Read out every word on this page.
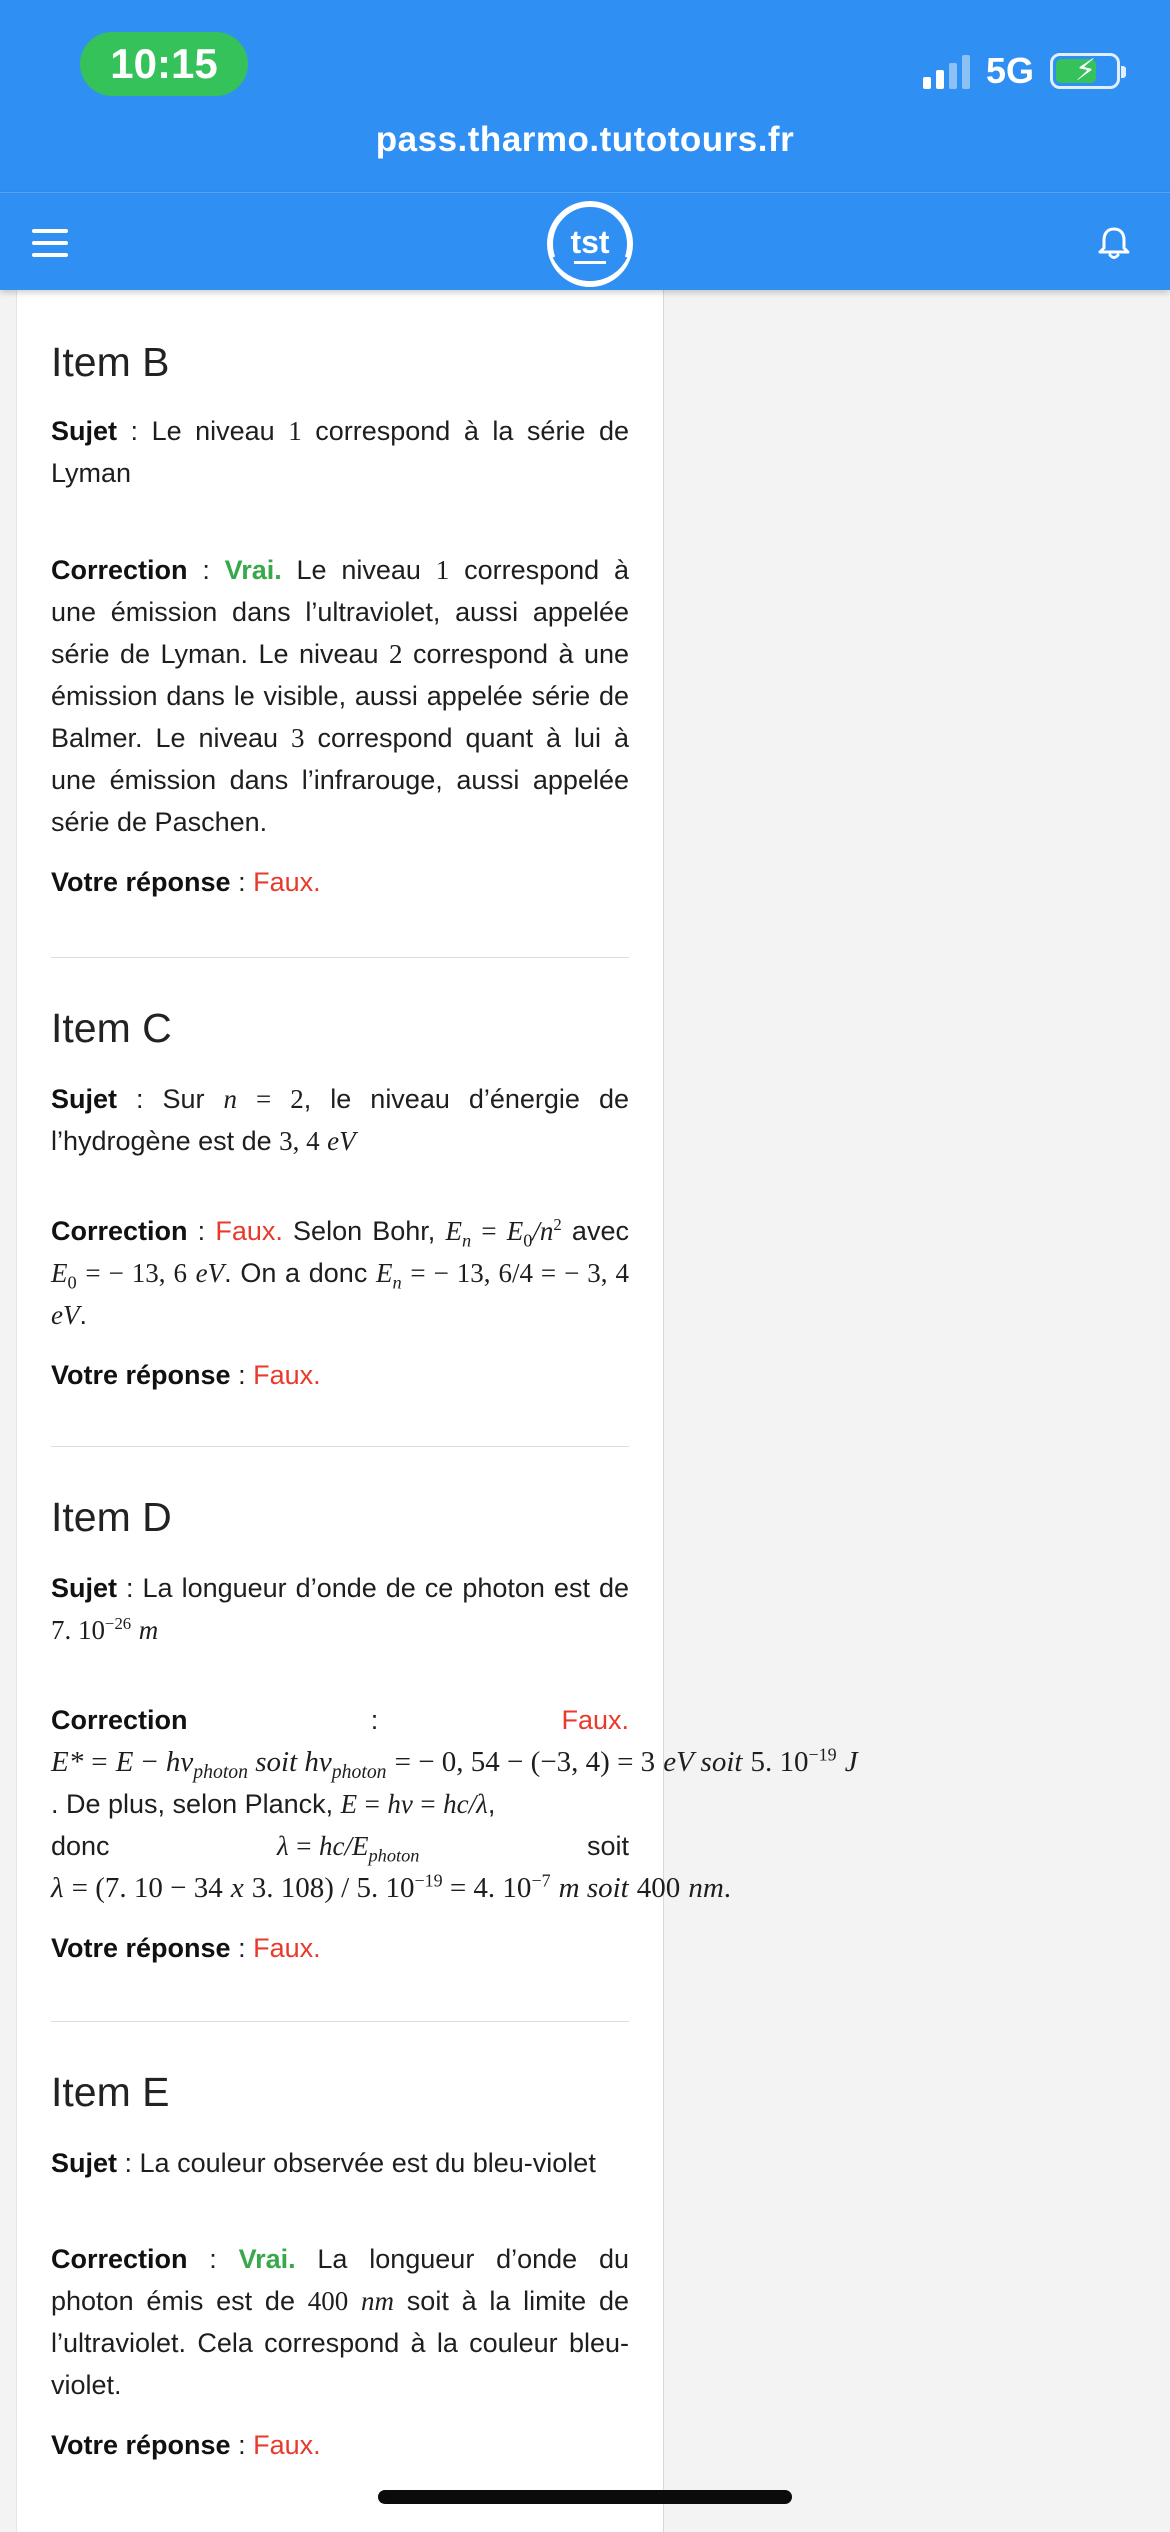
10:15	5G ⚡
pass.tharmo.tutotours.fr
tst
Item B

Sujet : Le niveau 1 correspond à la série de Lyman

Correction : Vrai. Le niveau 1 correspond à une émission dans l’ultraviolet, aussi appelée série de Lyman. Le niveau 2 correspond à une émission dans le visible, aussi appelée série de Balmer. Le niveau 3 correspond quant à lui à une émission dans l’infrarouge, aussi appelée série de Paschen.

Votre réponse : Faux.

Item C

Sujet : Sur n = 2, le niveau d’énergie de l’hydrogène est de 3, 4 eV

Correction : Faux. Selon Bohr, $E_n = E_0/n^2$ avec $E_0$ = − 13, 6 eV. On a donc $E_n$ = − 13, 6/4 = − 3, 4 eV.

Votre réponse : Faux.

Item D

Sujet : La longueur d’onde de ce photon est de 7. $10^{-26}$ m

Correction	:	Faux.

$E* = E - hv_{photon}$ soit $hv_{photon}$ = − 0, 54 − (−3, 4) = 3 eV soit 5. $10^{-19}$ J

. De plus, selon Planck, E = hv = hc/λ,

donc	$\lambda = hc/E_{photon}$	soit

λ = (7. 10 − 34 x 3. 108) / 5. $10^{-19} = 4$. $10^{-7}$ m soit 400 nm.

Votre réponse : Faux.

Item E

Sujet : La couleur observée est du bleu-violet

Correction : Vrai. La longueur d’onde du photon émis est de 400 nm soit à la limite de l’ultraviolet. Cela correspond à la couleur bleu-violet.

Votre réponse : Faux.
